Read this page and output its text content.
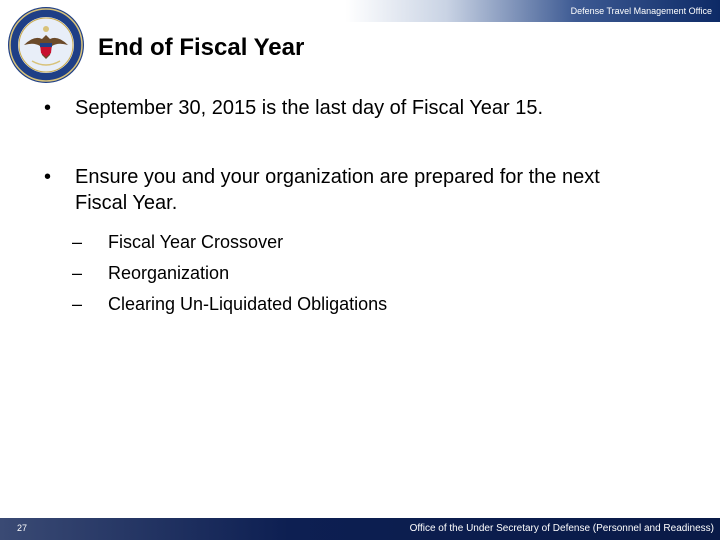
Defense Travel Management Office
End of Fiscal Year
•	September 30, 2015 is the last day of Fiscal Year 15.
•	Ensure you and your organization are prepared for the next Fiscal Year.
–	Fiscal Year Crossover
–	Reorganization
–	Clearing Un-Liquidated Obligations
27	Office of the Under Secretary of Defense (Personnel and Readiness)
